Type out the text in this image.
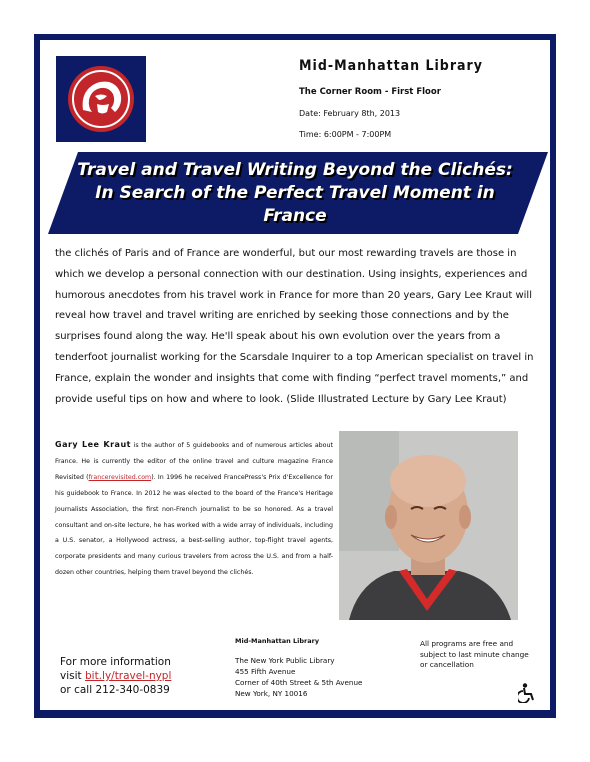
Mid-Manhattan Library
The Corner Room - First Floor
Date: February 8th, 2013
Time: 6:00PM - 7:00PM
Travel and Travel Writing Beyond the Clichés:
In Search of the Perfect Travel Moment in
France
the clichés of Paris and of France are wonderful, but our most rewarding travels are those in which we develop a personal connection with our destination. Using insights, experiences and humorous anecdotes from his travel work in France for more than 20 years, Gary Lee Kraut will reveal how travel and travel writing are enriched by seeking those connections and by the surprises found along the way. He'll speak about his own evolution over the years from a tenderfoot journalist working for the Scarsdale Inquirer to a top American specialist on travel in France, explain the wonder and insights that come with finding “perfect travel moments,” and provide useful tips on how and where to look. (Slide Illustrated Lecture by Gary Lee Kraut)
Gary Lee Kraut is the author of 5 guidebooks and of numerous articles about France. He is currently the editor of the online travel and culture magazine France Revisited (francerevisited.com). In 1996 he received FrancePress's Prix d'Excellence for his guidebook to France. In 2012 he was elected to the board of the France's Heritage Journalists Association, the first non-French journalist to be so honored. As a travel consultant and on-site lecture, he has worked with a wide array of individuals, including a U.S. senator, a Hollywood actress, a best-selling author, top-flight travel agents, corporate presidents and many curious travelers from across the U.S. and from a half-dozen other countries, helping them travel beyond the clichés.
For more information
visit bit.ly/travel-nypl
or call 212-340-0839
Mid-Manhattan Library
The New York Public Library
455 Fifth Avenue
Corner of 40th Street & 5th Avenue
New York, NY 10016
All programs are free and subject to last minute change or cancellation
